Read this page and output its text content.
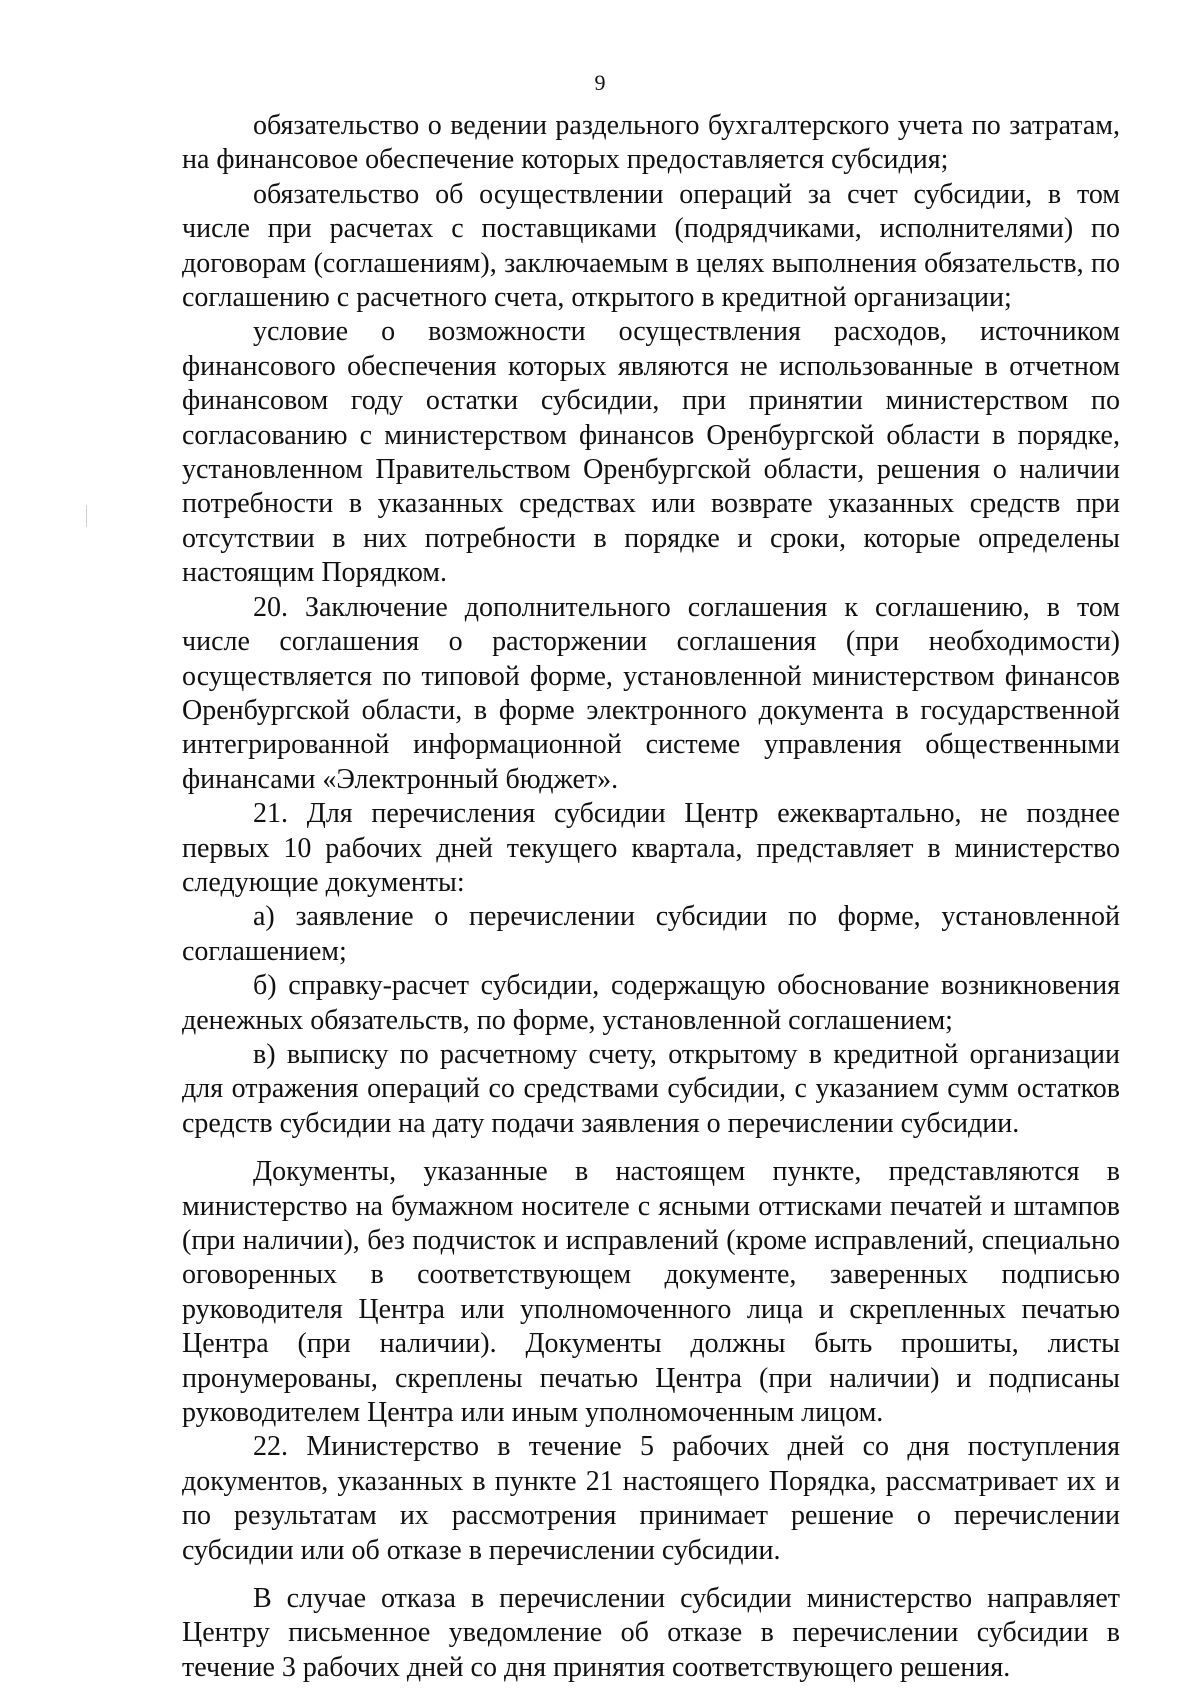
9

обязательство о ведении раздельного бухгалтерского учета по затратам, на финансовое обеспечение которых предоставляется субсидия;

обязательство об осуществлении операций за счет субсидии, в том числе при расчетах с поставщиками (подрядчиками, исполнителями) по договорам (соглашениям), заключаемым в целях выполнения обязательств, по соглашению с расчетного счета, открытого в кредитной организации;

условие о возможности осуществления расходов, источником финансового обеспечения которых являются не использованные в отчетном финансовом году остатки субсидии, при принятии министерством по согласованию с министерством финансов Оренбургской области в порядке, установленном Правительством Оренбургской области, решения о наличии потребности в указанных средствах или возврате указанных средств при отсутствии в них потребности в порядке и сроки, которые определены настоящим Порядком.

20. Заключение дополнительного соглашения к соглашению, в том числе соглашения о расторжении соглашения (при необходимости) осуществляется по типовой форме, установленной министерством финансов Оренбургской области, в форме электронного документа в государственной интегрированной информационной системе управления общественными финансами «Электронный бюджет».

21. Для перечисления субсидии Центр ежеквартально, не позднее первых 10 рабочих дней текущего квартала, представляет в министерство следующие документы:

а) заявление о перечислении субсидии по форме, установленной соглашением;

б) справку-расчет субсидии, содержащую обоснование возникновения денежных обязательств, по форме, установленной соглашением;

в) выписку по расчетному счету, открытому в кредитной организации для отражения операций со средствами субсидии, с указанием сумм остатков средств субсидии на дату подачи заявления о перечислении субсидии.

Документы, указанные в настоящем пункте, представляются в министерство на бумажном носителе с ясными оттисками печатей и штампов (при наличии), без подчисток и исправлений (кроме исправлений, специально оговоренных в соответствующем документе, заверенных подписью руководителя Центра или уполномоченного лица и скрепленных печатью Центра (при наличии). Документы должны быть прошиты, листы пронумерованы, скреплены печатью Центра (при наличии) и подписаны руководителем Центра или иным уполномоченным лицом.

22. Министерство в течение 5 рабочих дней со дня поступления документов, указанных в пункте 21 настоящего Порядка, рассматривает их и по результатам их рассмотрения принимает решение о перечислении субсидии или об отказе в перечислении субсидии.

В случае отказа в перечислении субсидии министерство направляет Центру письменное уведомление об отказе в перечислении субсидии в течение 3 рабочих дней со дня принятия соответствующего решения.
